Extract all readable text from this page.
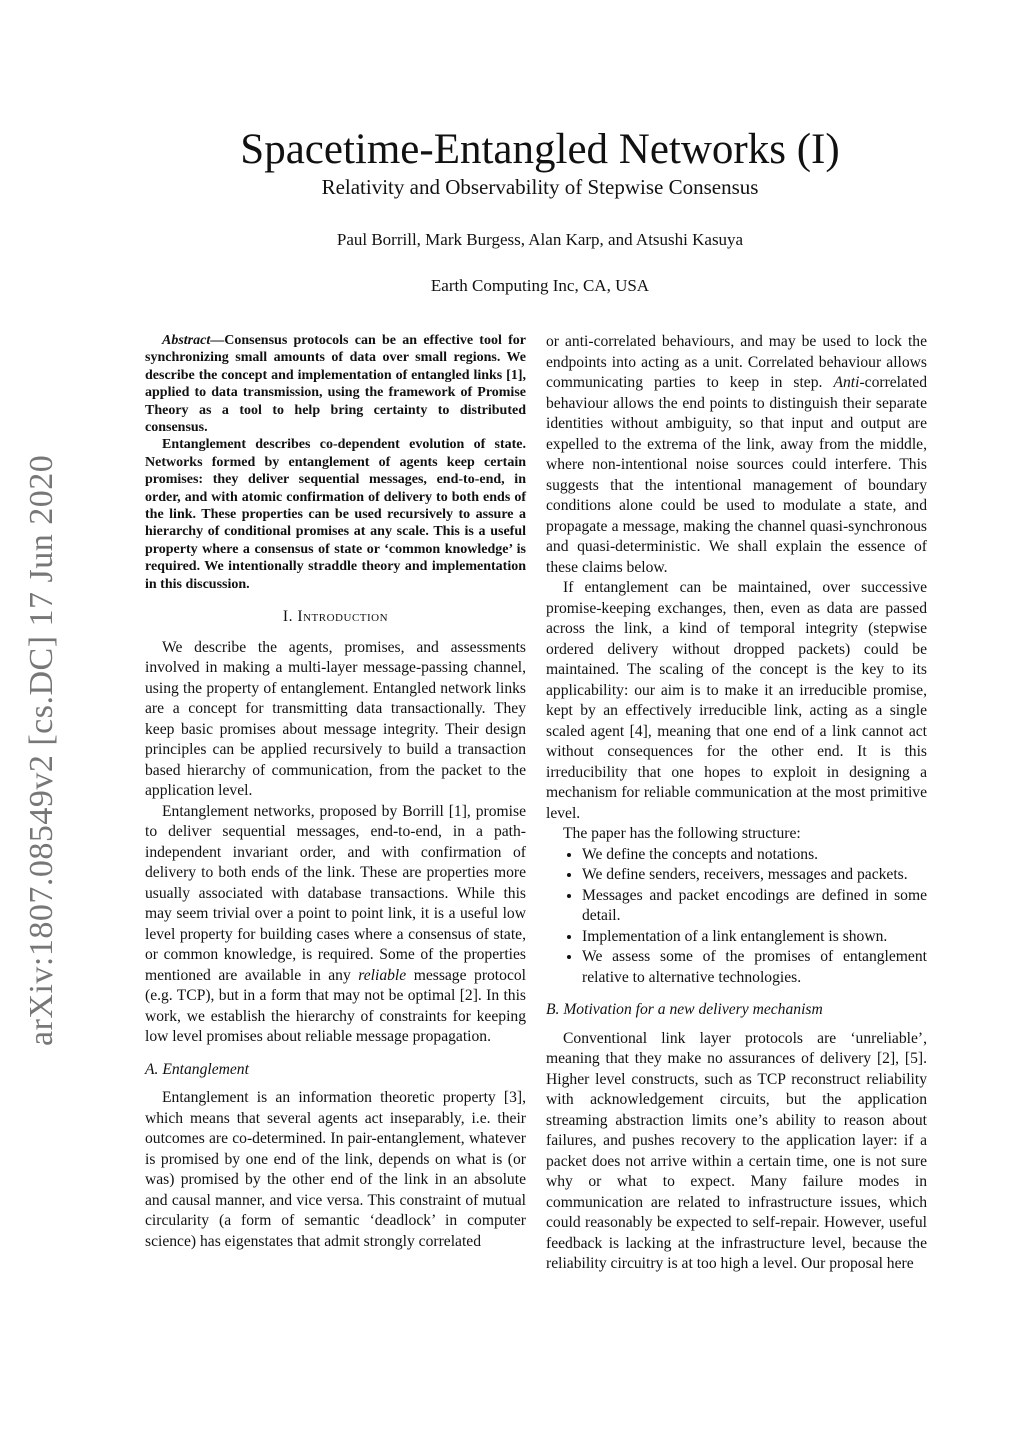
arXiv:1807.08549v2 [cs.DC] 17 Jun 2020
Spacetime-Entangled Networks (I)
Relativity and Observability of Stepwise Consensus
Paul Borrill, Mark Burgess, Alan Karp, and Atsushi Kasuya
Earth Computing Inc, CA, USA

Abstract—Consensus protocols can be an effective tool for synchronizing small amounts of data over small regions. We describe the concept and implementation of entangled links [1], applied to data transmission, using the framework of Promise Theory as a tool to help bring certainty to distributed consensus.

Entanglement describes co-dependent evolution of state. Networks formed by entanglement of agents keep certain promises: they deliver sequential messages, end-to-end, in order, and with atomic confirmation of delivery to both ends of the link. These properties can be used recursively to assure a hierarchy of conditional promises at any scale. This is a useful property where a consensus of state or ‘common knowledge’ is required. We intentionally straddle theory and implementation in this discussion.

I. Introduction

We describe the agents, promises, and assessments involved in making a multi-layer message-passing channel, using the property of entanglement. Entangled network links are a concept for transmitting data transactionally. They keep basic promises about message integrity. Their design principles can be applied recursively to build a transaction based hierarchy of communication, from the packet to the application level.

Entanglement networks, proposed by Borrill [1], promise to deliver sequential messages, end-to-end, in a path-independent invariant order, and with confirmation of delivery to both ends of the link. These are properties more usually associated with database transactions. While this may seem trivial over a point to point link, it is a useful low level property for building cases where a consensus of state, or common knowledge, is required. Some of the properties mentioned are available in any reliable message protocol (e.g. TCP), but in a form that may not be optimal [2]. In this work, we establish the hierarchy of constraints for keeping low level promises about reliable message propagation.

A. Entanglement

Entanglement is an information theoretic property [3], which means that several agents act inseparably, i.e. their outcomes are co-determined. In pair-entanglement, whatever is promised by one end of the link, depends on what is (or was) promised by the other end of the link in an absolute and causal manner, and vice versa. This constraint of mutual circularity (a form of semantic ‘deadlock’ in computer science) has eigenstates that admit strongly correlated

or anti-correlated behaviours, and may be used to lock the endpoints into acting as a unit. Correlated behaviour allows communicating parties to keep in step. Anti-correlated behaviour allows the end points to distinguish their separate identities without ambiguity, so that input and output are expelled to the extrema of the link, away from the middle, where non-intentional noise sources could interfere. This suggests that the intentional management of boundary conditions alone could be used to modulate a state, and propagate a message, making the channel quasi-synchronous and quasi-deterministic. We shall explain the essence of these claims below.

If entanglement can be maintained, over successive promise-keeping exchanges, then, even as data are passed across the link, a kind of temporal integrity (stepwise ordered delivery without dropped packets) could be maintained. The scaling of the concept is the key to its applicability: our aim is to make it an irreducible promise, kept by an effectively irreducible link, acting as a single scaled agent [4], meaning that one end of a link cannot act without consequences for the other end. It is this irreducibility that one hopes to exploit in designing a mechanism for reliable communication at the most primitive level.

The paper has the following structure:

• We define the concepts and notations.
• We define senders, receivers, messages and packets.
• Messages and packet encodings are defined in some detail.
• Implementation of a link entanglement is shown.
• We assess some of the promises of entanglement relative to alternative technologies.
B. Motivation for a new delivery mechanism

Conventional link layer protocols are ‘unreliable’, meaning that they make no assurances of delivery [2], [5]. Higher level constructs, such as TCP reconstruct reliability with acknowledgement circuits, but the application streaming abstraction limits one’s ability to reason about failures, and pushes recovery to the application layer: if a packet does not arrive within a certain time, one is not sure why or what to expect. Many failure modes in communication are related to infrastructure issues, which could reasonably be expected to self-repair. However, useful feedback is lacking at the infrastructure level, because the reliability circuitry is at too high a level. Our proposal here
